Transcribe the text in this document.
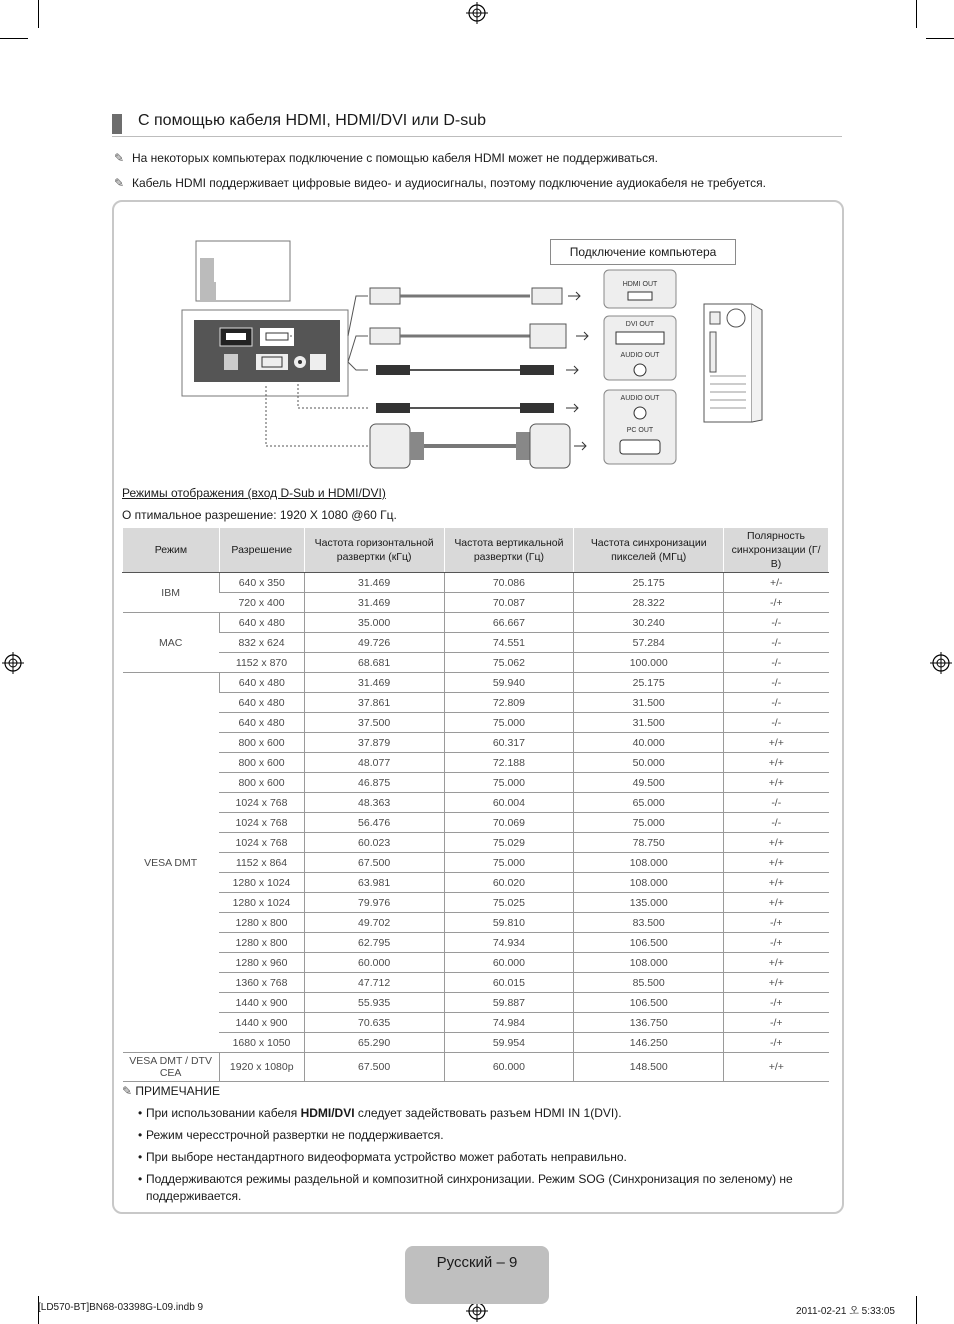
С помощью кабеля HDMI, HDMI/DVI или D-sub
✎ На некоторых компьютерах подключение с помощью кабеля HDMI может не поддерживаться.
✎ Кабель HDMI поддерживает цифровые видео- и аудиосигналы, поэтому подключение аудиокабеля не требуется.
HDMI OUT
DVI OUT
AUDIO OUT
AUDIO OUT
PC OUT
Подключение компьютера
Режимы отображения (вход D-Sub и HDMI/DVI)
О птимальное разрешение: 1920 X 1080 @60 Гц.
Режим	Разрешение	Частота горизонтальной развертки (кГц)	Частота вертикальной развертки (Гц)	Частота синхронизации пикселей (МГц)	Полярность синхронизации (Г/В)
IBM	640 x 350	31.469	70.086	25.175	+/-
	720 x 400	31.469	70.087	28.322	-/+
MAC	640 x 480	35.000	66.667	30.240	-/-
	832 x 624	49.726	74.551	57.284	-/-
	1152 x 870	68.681	75.062	100.000	-/-
VESA DMT	640 x 480	31.469	59.940	25.175	-/-
	640 x 480	37.861	72.809	31.500	-/-
	640 x 480	37.500	75.000	31.500	-/-
	800 x 600	37.879	60.317	40.000	+/+
	800 x 600	48.077	72.188	50.000	+/+
	800 x 600	46.875	75.000	49.500	+/+
	1024 x 768	48.363	60.004	65.000	-/-
	1024 x 768	56.476	70.069	75.000	-/-
	1024 x 768	60.023	75.029	78.750	+/+
	1152 x 864	67.500	75.000	108.000	+/+
	1280 x 1024	63.981	60.020	108.000	+/+
	1280 x 1024	79.976	75.025	135.000	+/+
	1280 x 800	49.702	59.810	83.500	-/+
	1280 x 800	62.795	74.934	106.500	-/+
	1280 x 960	60.000	60.000	108.000	+/+
	1360 x 768	47.712	60.015	85.500	+/+
	1440 x 900	55.935	59.887	106.500	-/+
	1440 x 900	70.635	74.984	136.750	-/+
	1680 x 1050	65.290	59.954	146.250	-/+
VESA DMT / DTV CEA	1920 x 1080p	67.500	60.000	148.500	+/+
✎ ПРИМЕЧАНИЕ
• При использовании кабеля HDMI/DVI следует задействовать разъем HDMI IN 1(DVI).
• Режим чересстрочной развертки не поддерживается.
• При выборе нестандартного видеоформата устройство может работать неправильно.
• Поддерживаются режимы раздельной и композитной синхронизации. Режим SOG (Синхронизация по зеленому) не поддерживается.
Русский – 9
[LD570-BT]BN68-03398G-L09.indb 9	2011-02-21 오 5:33:05
